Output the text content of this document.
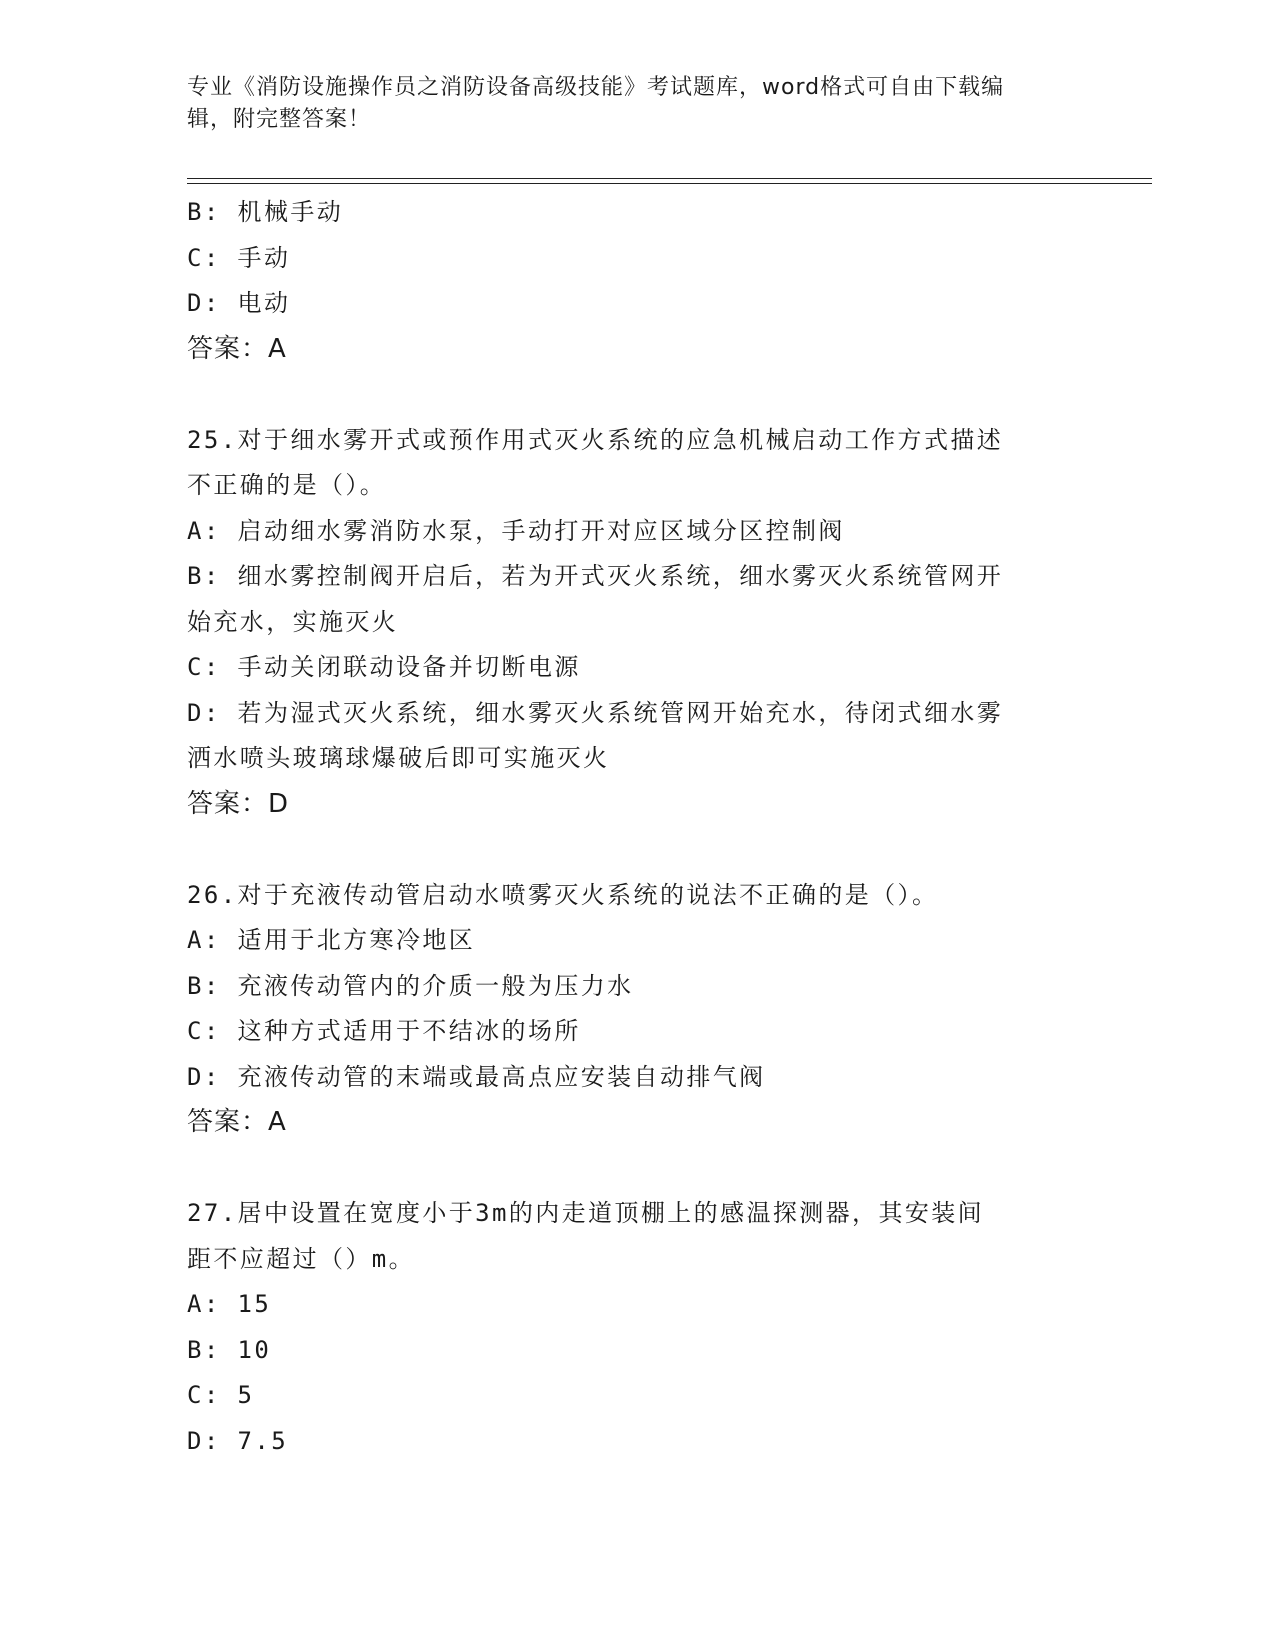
专业《消防设施操作员之消防设备高级技能》考试题库，word格式可自由下载编
辑，附完整答案！
B: 机械手动
C: 手动
D: 电动
答案：A
25.对于细水雾开式或预作用式灭火系统的应急机械启动工作方式描述
不正确的是（）。
A: 启动细水雾消防水泵，手动打开对应区域分区控制阀
B: 细水雾控制阀开启后，若为开式灭火系统，细水雾灭火系统管网开
始充水，实施灭火
C: 手动关闭联动设备并切断电源
D: 若为湿式灭火系统，细水雾灭火系统管网开始充水，待闭式细水雾
洒水喷头玻璃球爆破后即可实施灭火
答案：D
26.对于充液传动管启动水喷雾灭火系统的说法不正确的是（）。
A: 适用于北方寒冷地区
B: 充液传动管内的介质一般为压力水
C: 这种方式适用于不结冰的场所
D: 充液传动管的末端或最高点应安装自动排气阀
答案：A
27.居中设置在宽度小于3m的内走道顶棚上的感温探测器，其安装间
距不应超过（）m。
A: 15
B: 10
C: 5
D: 7.5
